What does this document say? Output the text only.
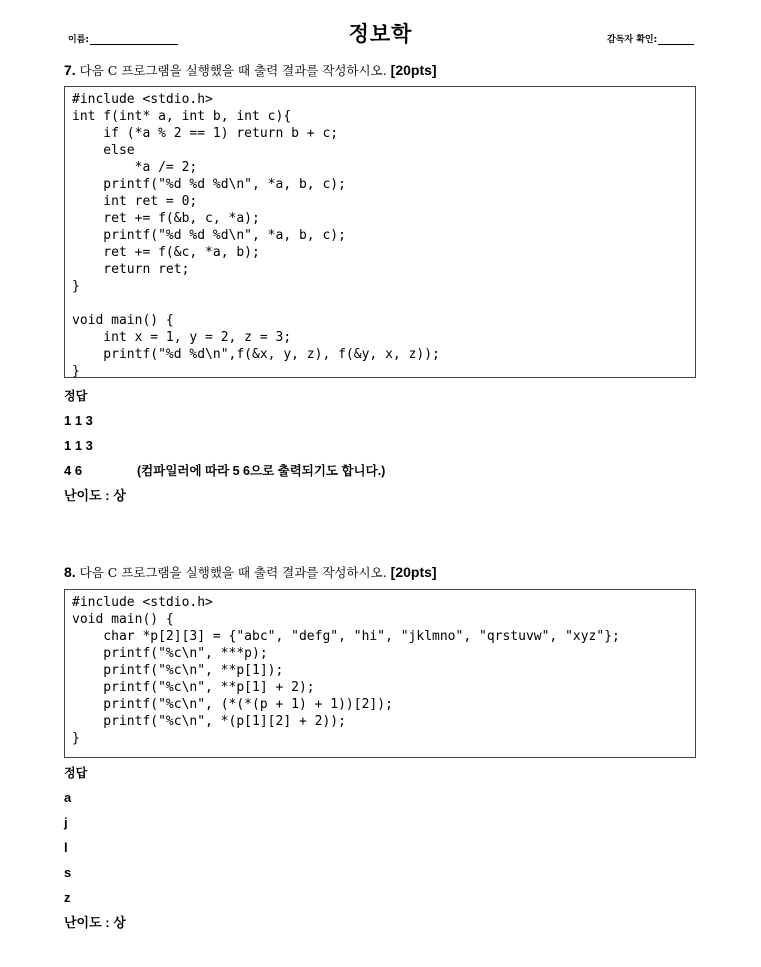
이름:	정보학	감독자 확인:
7. 다음 C 프로그램을 실행했을 때 출력 결과를 작성하시오. [20pts]
#include <stdio.h>
int f(int* a, int b, int c){
if (*a % 2 == 1) return b + c;
else
*a /= 2;
printf("%d %d %d\n", *a, b, c);
int ret = 0;
ret += f(&b, c, *a);
printf("%d %d %d\n", *a, b, c);
ret += f(&c, *a, b);
return ret;
}

void main() {
int x = 1, y = 2, z = 3;
printf("%d %d\n",f(&x, y, z), f(&y, x, z));
}
정답
1 1 3
1 1 3
4 6	(컴파일러에 따라 5 6으로 출력되기도 합니다.)
난이도 : 상
8. 다음 C 프로그램을 실행했을 때 출력 결과를 작성하시오. [20pts]
#include <stdio.h>
void main() {
char *p[2][3] = {"abc", "defg", "hi", "jklmno", "qrstuvw", "xyz"};
printf("%c\n", ***p);
printf("%c\n", **p[1]);
printf("%c\n", **p[1] + 2);
printf("%c\n", (*(*(p + 1) + 1))[2]);
printf("%c\n", *(p[1][2] + 2));
}
정답
a
j
l
s
z
난이도 : 상
